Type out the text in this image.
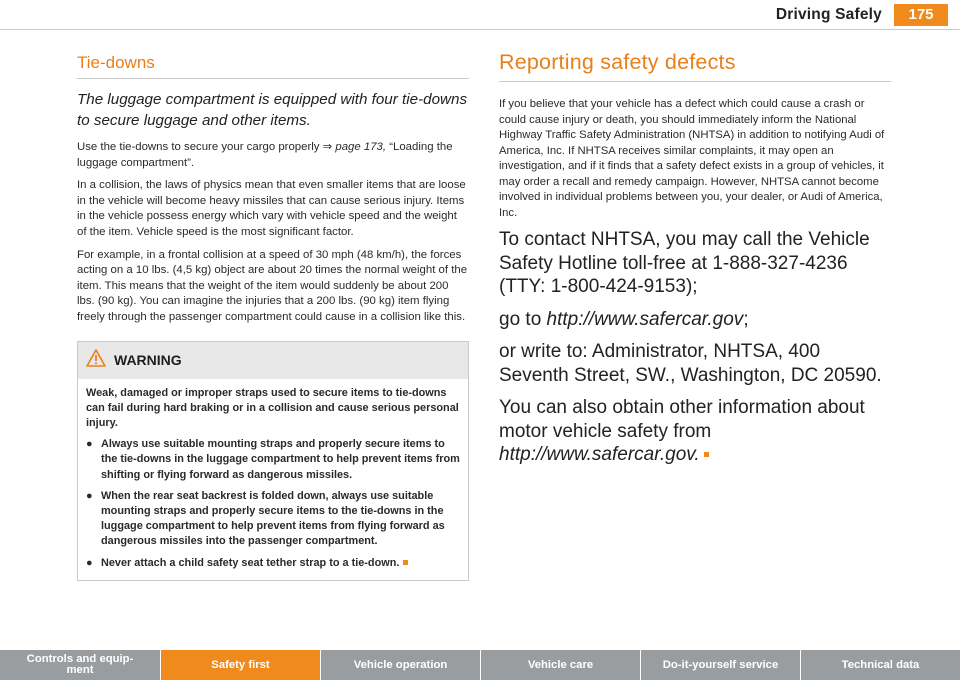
Driving Safely	175
Tie-downs
The luggage compartment is equipped with four tie-downs to secure luggage and other items.

Use the tie-downs to secure your cargo properly ⇒ page 173, “Loading the luggage compartment”.

In a collision, the laws of physics mean that even smaller items that are loose in the vehicle will become heavy missiles that can cause serious injury. Items in the vehicle possess energy which vary with vehicle speed and the weight of the item. Vehicle speed is the most significant factor.

For example, in a frontal collision at a speed of 30 mph (48 km/h), the forces acting on a 10 lbs. (4,5 kg) object are about 20 times the normal weight of the item. This means that the weight of the item would suddenly be about 200 lbs. (90 kg). You can imagine the injuries that a 200 lbs. (90 kg) item flying freely through the passenger compartment could cause in a collision like this.

WARNING

Weak, damaged or improper straps used to secure items to tie-downs can fail during hard braking or in a collision and cause serious personal injury.

● Always use suitable mounting straps and properly secure items to the tie-downs in the luggage compartment to help prevent items from shifting or flying forward as dangerous missiles.

● When the rear seat backrest is folded down, always use suitable mounting straps and properly secure items to the tie-downs in the luggage compartment to help prevent items from flying forward as dangerous missiles into the passenger compartment.

● Never attach a child safety seat tether strap to a tie-down.

Reporting safety defects

If you believe that your vehicle has a defect which could cause a crash or could cause injury or death, you should immediately inform the National Highway Traffic Safety Administration (NHTSA) in addition to notifying Audi of America, Inc. If NHTSA receives similar complaints, it may open an investigation, and if it finds that a safety defect exists in a group of vehicles, it may order a recall and remedy campaign. However, NHTSA cannot become involved in individual problems between you, your dealer, or Audi of America, Inc.

To contact NHTSA, you may call the Vehicle Safety Hotline toll-free at 1-888-327-4236 (TTY: 1-800-424-9153);

go to http://www.safercar.gov;

or write to: Administrator, NHTSA, 400 Seventh Street, SW., Washington, DC 20590.

You can also obtain other information about motor vehicle safety from
http://www.safercar.gov.

Controls and equip-
ment	Safety first	Vehicle operation	Vehicle care	Do-it-yourself service	Technical data
